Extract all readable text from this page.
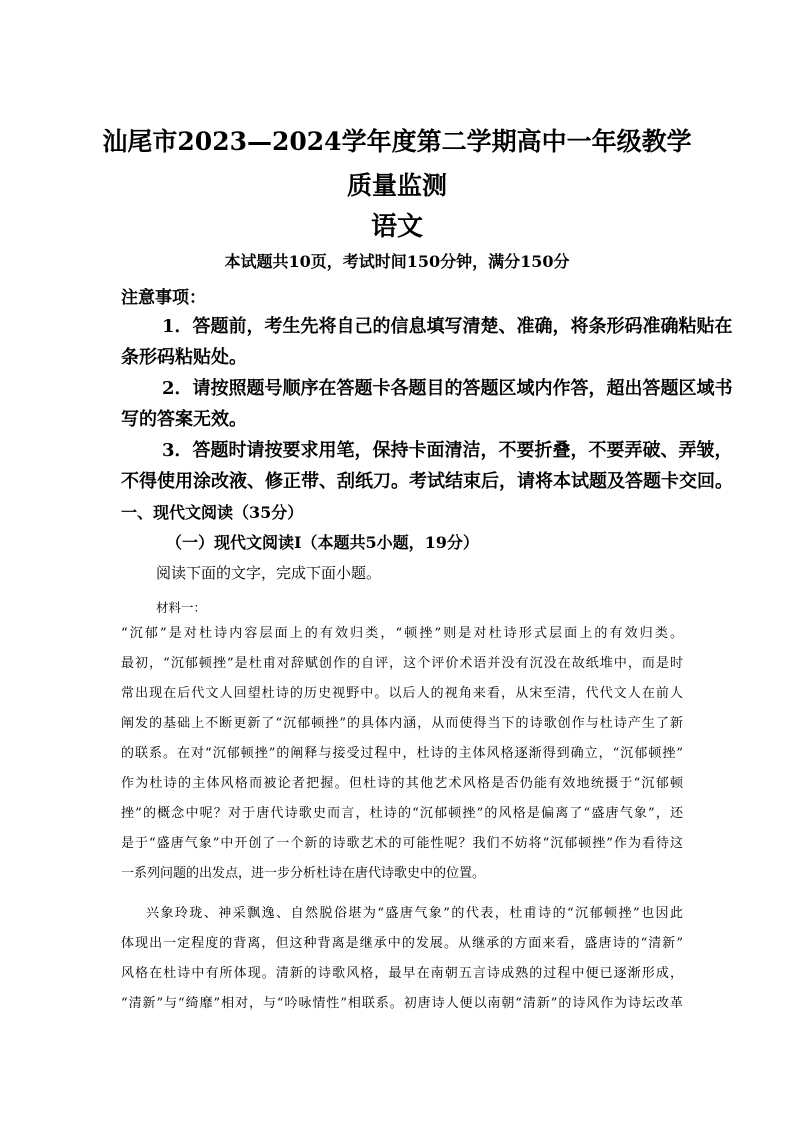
汕尾市2023—2024学年度第二学期高中一年级教学
质量监测
语文
本试题共10页，考试时间150分钟，满分150分
注意事项：
1．答题前，考生先将自己的信息填写清楚、准确，将条形码准确粘贴在
条形码粘贴处。
2．请按照题号顺序在答题卡各题目的答题区域内作答，超出答题区域书
写的答案无效。
3．答题时请按要求用笔，保持卡面清洁，不要折叠，不要弄破、弄皱，
不得使用涂改液、修正带、刮纸刀。考试结束后，请将本试题及答题卡交回。
一、现代文阅读（35分）
（一）现代文阅读Ⅰ（本题共5小题，19分）
阅读下面的文字，完成下面小题。
材料一：
“沉郁”是对杜诗内容层面上的有效归类，“顿挫”则是对杜诗形式层面上的有效归类。
最初，“沉郁顿挫”是杜甫对辞赋创作的自评，这个评价术语并没有沉没在故纸堆中，而是时
常出现在后代文人回望杜诗的历史视野中。以后人的视角来看，从宋至清，代代文人在前人
阐发的基础上不断更新了“沉郁顿挫”的具体内涵，从而使得当下的诗歌创作与杜诗产生了新
的联系。在对“沉郁顿挫”的阐释与接受过程中，杜诗的主体风格逐渐得到确立，“沉郁顿挫”
作为杜诗的主体风格而被论者把握。但杜诗的其他艺术风格是否仍能有效地统摄于“沉郁顿
挫”的概念中呢？对于唐代诗歌史而言，杜诗的“沉郁顿挫”的风格是偏离了“盛唐气象”，还
是于“盛唐气象”中开创了一个新的诗歌艺术的可能性呢？我们不妨将“沉郁顿挫”作为看待这
一系列问题的出发点，进一步分析杜诗在唐代诗歌史中的位置。
兴象玲珑、神采飘逸、自然脱俗堪为“盛唐气象”的代表，杜甫诗的“沉郁顿挫”也因此
体现出一定程度的背离，但这种背离是继承中的发展。从继承的方面来看，盛唐诗的“清新”
风格在杜诗中有所体现。清新的诗歌风格，最早在南朝五言诗成熟的过程中便已逐渐形成，
“清新”与“绮靡”相对，与“吟咏情性”相联系。初唐诗人便以南朝“清新”的诗风作为诗坛改革
